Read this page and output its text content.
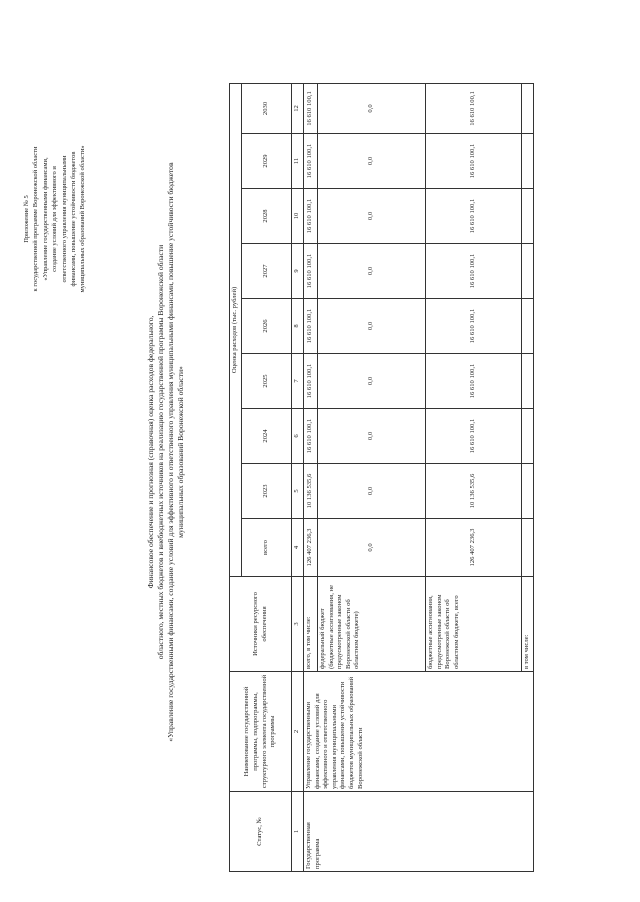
Приложение № 5 к государственной программе Воронежской области «Управление государственными финансами, создание условий для эффективного и ответственного управления муниципальными финансами, повышение устойчивости бюджетов муниципальных образований Воронежской области»
Финансовое обеспечение и прогнозная (справочная) оценка расходов федерального, областного, местных бюджетов и внебюджетных источников на реализацию государственной программы Воронежской области «Управление государственными финансами, создание условий для эффективного и ответственного управления муниципальными финансами, повышение устойчивости бюджетов муниципальных образований Воронежской области»
Статус, №	Наименование государственной программы, подпрограммы, структурного элемента государственной программы	Источники ресурсного обеспечения	Оценка расходов (тыс. рублей)								
			всего	2023	2024	2025	2026	2027	2028	2029	2030
1	2	3	4	5	6	7	8	9	10	11	12
Государственная программа	Управление государственными финансами, создание условий для эффективного и ответственного управления муниципальными финансами, повышение устойчивости бюджетов муниципальных образований Воронежской области	всего, в том числе:	126 407 236,3	10 136 535,6	16 610 100,1	16 610 100,1	16 610 100,1	16 610 100,1	16 610 100,1	16 610 100,1	16 610 100,1
		федеральный бюджет (бюджетные ассигнования, не предусмотренные законом Воронежской области об областном бюджете)	0,0	0,0	0,0	0,0	0,0	0,0	0,0	0,0	0,0
		бюджетные ассигнования, предусмотренные законом Воронежской области об областном бюджете, всего	126 407 236,3	10 136 535,6	16 610 100,1	16 610 100,1	16 610 100,1	16 610 100,1	16 610 100,1	16 610 100,1	16 610 100,1
		в том числе:									
